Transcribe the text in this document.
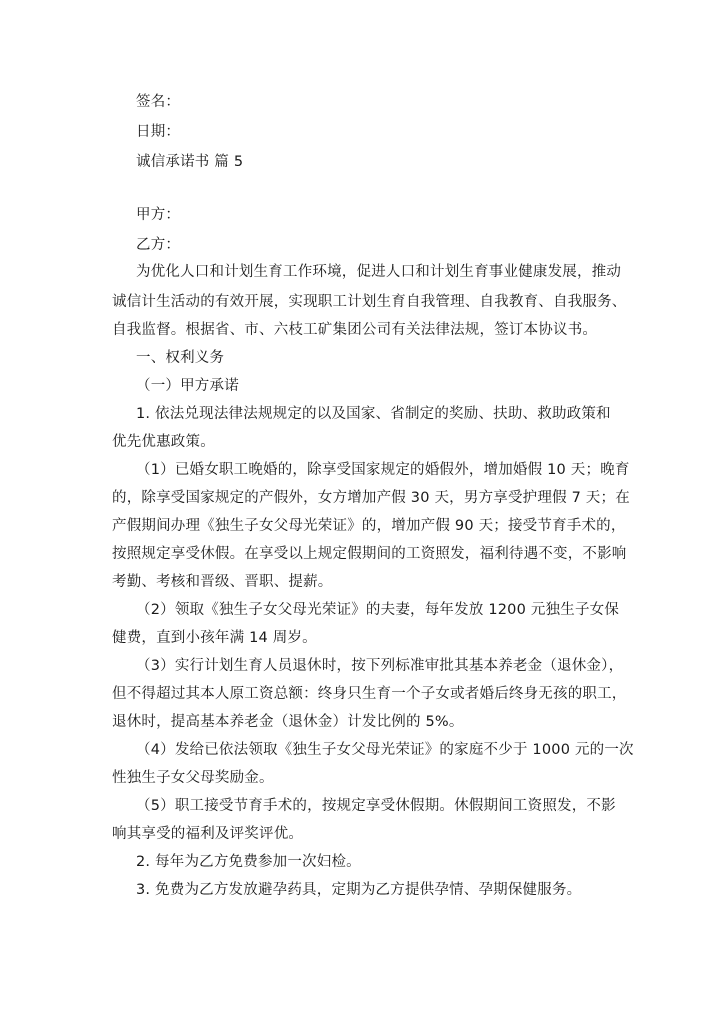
签名：
日期：
诚信承诺书 篇 5
甲方：
乙方：
为优化人口和计划生育工作环境，促进人口和计划生育事业健康发展，推动
诚信计生活动的有效开展，实现职工计划生育自我管理、自我教育、自我服务、
自我监督。根据省、市、六枝工矿集团公司有关法律法规，签订本协议书。
一、权利义务
（一）甲方承诺
1. 依法兑现法律法规规定的以及国家、省制定的奖励、扶助、救助政策和
优先优惠政策。
（1）已婚女职工晚婚的，除享受国家规定的婚假外，增加婚假 10 天；晚育
的，除享受国家规定的产假外，女方增加产假 30 天，男方享受护理假 7 天；在
产假期间办理《独生子女父母光荣证》的，增加产假 90 天；接受节育手术的，
按照规定享受休假。在享受以上规定假期间的工资照发，福利待遇不变，不影响
考勤、考核和晋级、晋职、提薪。
（2）领取《独生子女父母光荣证》的夫妻，每年发放 1200 元独生子女保
健费，直到小孩年满 14 周岁。
（3）实行计划生育人员退休时，按下列标准审批其基本养老金（退休金），
但不得超过其本人原工资总额：终身只生育一个子女或者婚后终身无孩的职工，
退休时，提高基本养老金（退休金）计发比例的 5%。
（4）发给已依法领取《独生子女父母光荣证》的家庭不少于 1000 元的一次
性独生子女父母奖励金。
（5）职工接受节育手术的，按规定享受休假期。休假期间工资照发，不影
响其享受的福利及评奖评优。
2. 每年为乙方免费参加一次妇检。
3. 免费为乙方发放避孕药具，定期为乙方提供孕情、孕期保健服务。
